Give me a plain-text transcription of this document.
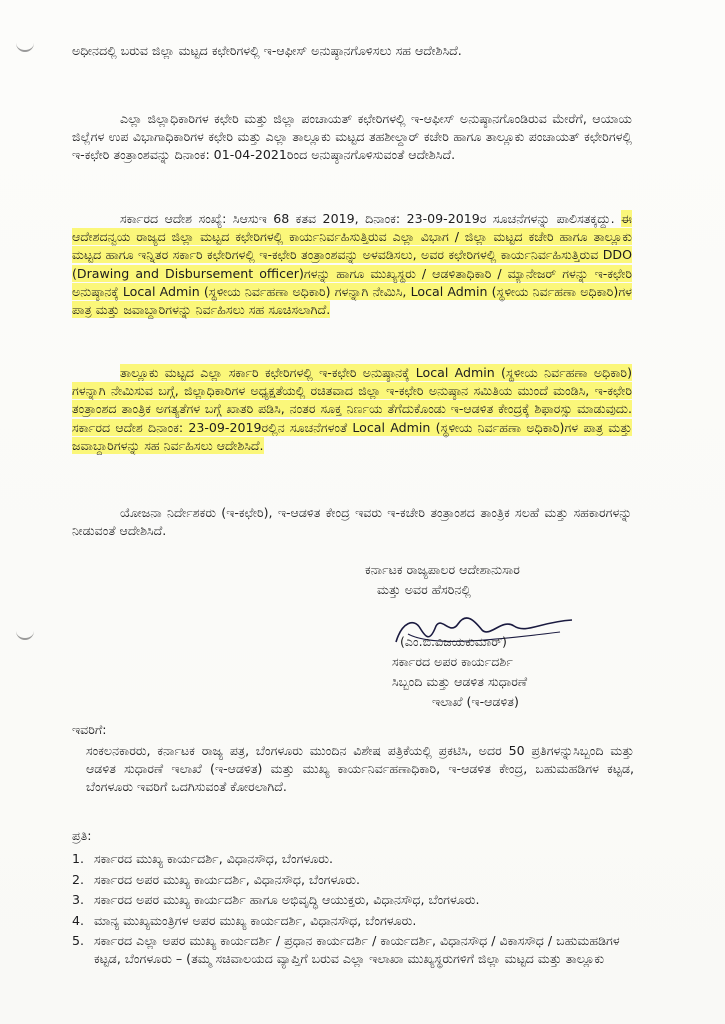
ಅಧೀನದಲ್ಲಿ ಬರುವ ಜಿಲ್ಲಾ ಮಟ್ಟದ ಕಛೇರಿಗಳಲ್ಲಿ ಇ-ಆಫೀಸ್ ಅನುಷ್ಠಾನಗೊಳಿಸಲು ಸಹ ಆದೇಶಿಸಿದೆ.

ಎಲ್ಲಾ ಜಿಲ್ಲಾಧಿಕಾರಿಗಳ ಕಛೇರಿ ಮತ್ತು ಜಿಲ್ಲಾ ಪಂಚಾಯತ್ ಕಛೇರಿಗಳಲ್ಲಿ ಇ-ಆಫೀಸ್ ಅನುಷ್ಠಾನಗೊಂಡಿರುವ ಮೇರೆಗೆ, ಆಯಾಯ ಜಿಲ್ಲೆಗಳ ಉಪ ವಿಭಾಗಾಧಿಕಾರಿಗಳ ಕಛೇರಿ ಮತ್ತು ಎಲ್ಲಾ ತಾಲ್ಲೂಕು ಮಟ್ಟದ ತಹಶೀಲ್ದಾರ್ ಕಚೇರಿ ಹಾಗೂ ತಾಲ್ಲೂಕು ಪಂಚಾಯತ್ ಕಛೇರಿಗಳಲ್ಲಿ ಇ-ಕಛೇರಿ ತಂತ್ರಾಂಶವನ್ನು ದಿನಾಂಕ: 01-04-2021ರಿಂದ ಅನುಷ್ಠಾನಗೊಳಿಸುವಂತೆ ಆದೇಶಿಸಿದೆ.

ಸರ್ಕಾರದ ಆದೇಶ ಸಂಖ್ಯೆ: ಸಿಆಸುಇ 68 ಕತವ 2019, ದಿನಾಂಕ: 23-09-2019ರ ಸೂಚನೆಗಳನ್ನು ಪಾಲಿಸತಕ್ಕದ್ದು. ಈ ಆದೇಶದನ್ವಯ ರಾಜ್ಯದ ಜಿಲ್ಲಾ ಮಟ್ಟದ ಕಛೇರಿಗಳಲ್ಲಿ ಕಾರ್ಯನಿರ್ವಹಿಸುತ್ತಿರುವ ಎಲ್ಲಾ ವಿಭಾಗ / ಜಿಲ್ಲಾ ಮಟ್ಟದ ಕಚೇರಿ ಹಾಗೂ ತಾಲ್ಲೂಕು ಮಟ್ಟದ ಹಾಗೂ ಇನ್ನಿತರ ಸರ್ಕಾರಿ ಕಛೇರಿಗಳಲ್ಲಿ ಇ-ಕಛೇರಿ ತಂತ್ರಾಂಶವನ್ನು ಅಳವಡಿಸಲು, ಅವರ ಕಛೇರಿಗಳಲ್ಲಿ ಕಾರ್ಯನಿರ್ವಹಿಸುತ್ತಿರುವ DDO (Drawing and Disbursement officer)ಗಳನ್ನು ಹಾಗೂ ಮುಖ್ಯಸ್ಥರು / ಆಡಳಿತಾಧಿಕಾರಿ / ಮ್ಯಾನೇಜರ್ ಗಳನ್ನು ಇ-ಕಛೇರಿ ಅನುಷ್ಠಾನಕ್ಕೆ Local Admin (ಸ್ಥಳೀಯ ನಿರ್ವಹಣಾ ಅಧಿಕಾರಿ) ಗಳನ್ನಾಗಿ ನೇಮಿಸಿ, Local Admin (ಸ್ಥಳೀಯ ನಿರ್ವಹಣಾ ಅಧಿಕಾರಿ)ಗಳ ಪಾತ್ರ ಮತ್ತು ಜವಾಬ್ದಾರಿಗಳನ್ನು ನಿರ್ವಹಿಸಲು ಸಹ ಸೂಚಿಸಲಾಗಿದೆ.

ತಾಲ್ಲೂಕು ಮಟ್ಟದ ಎಲ್ಲಾ ಸರ್ಕಾರಿ ಕಛೇರಿಗಳಲ್ಲಿ ಇ-ಕಛೇರಿ ಅನುಷ್ಠಾನಕ್ಕೆ Local Admin (ಸ್ಥಳೀಯ ನಿರ್ವಹಣಾ ಅಧಿಕಾರಿ) ಗಳನ್ನಾಗಿ ನೇಮಿಸುವ ಬಗ್ಗೆ, ಜಿಲ್ಲಾಧಿಕಾರಿಗಳ ಅಧ್ಯಕ್ಷತೆಯಲ್ಲಿ ರಚಿತವಾದ ಜಿಲ್ಲಾ ಇ-ಕಛೇರಿ ಅನುಷ್ಠಾನ ಸಮಿತಿಯ ಮುಂದೆ ಮಂಡಿಸಿ, ಇ-ಕಛೇರಿ ತಂತ್ರಾಂಶದ ತಾಂತ್ರಿಕ ಅಗತ್ಯತೆಗಳ ಬಗ್ಗೆ ಖಾತರಿ ಪಡಿಸಿ, ನಂತರ ಸೂಕ್ತ ನಿರ್ಣಯ ತೆಗೆದುಕೊಂಡು ಇ-ಆಡಳಿತ ಕೇಂದ್ರಕ್ಕೆ ಶಿಫಾರಸ್ಸು ಮಾಡುವುದು. ಸರ್ಕಾರದ ಆದೇಶ ದಿನಾಂಕ: 23-09-2019ರಲ್ಲಿನ ಸೂಚನೆಗಳಂತೆ Local Admin (ಸ್ಥಳೀಯ ನಿರ್ವಹಣಾ ಅಧಿಕಾರಿ)ಗಳ ಪಾತ್ರ ಮತ್ತು ಜವಾಬ್ದಾರಿಗಳನ್ನು ಸಹ ನಿರ್ವಹಿಸಲು ಆದೇಶಿಸಿದೆ.

ಯೋಜನಾ ನಿರ್ದೇಶಕರು (ಇ-ಕಛೇರಿ), ಇ-ಆಡಳಿತ ಕೇಂದ್ರ ಇವರು ಇ-ಕಚೇರಿ ತಂತ್ರಾಂಶದ ತಾಂತ್ರಿಕ ಸಲಹೆ ಮತ್ತು ಸಹಕಾರಗಳನ್ನು ನೀಡುವಂತೆ ಆದೇಶಿಸಿದೆ.

ಕರ್ನಾಟಕ ರಾಜ್ಯಪಾಲರ ಆದೇಶಾನುಸಾರ
ಮತ್ತು ಅವರ ಹೆಸರಿನಲ್ಲಿ
(ಎಂ.ಬಿ.ವಿಜಯಕುಮಾರ್)
ಸರ್ಕಾರದ ಅಪರ ಕಾರ್ಯದರ್ಶಿ
ಸಿಬ್ಬಂದಿ ಮತ್ತು ಆಡಳಿತ ಸುಧಾರಣೆ
ಇಲಾಖೆ (ಇ-ಆಡಳಿತ)
ಇವರಿಗೆ:

ಸಂಕಲನಕಾರರು, ಕರ್ನಾಟಕ ರಾಜ್ಯ ಪತ್ರ, ಬೆಂಗಳೂರು ಮುಂದಿನ ವಿಶೇಷ ಪತ್ರಿಕೆಯಲ್ಲಿ ಪ್ರಕಟಿಸಿ, ಅದರ 50 ಪ್ರತಿಗಳನ್ನುಸಿಬ್ಬಂದಿ ಮತ್ತು ಆಡಳಿತ ಸುಧಾರಣೆ ಇಲಾಖೆ (ಇ-ಆಡಳಿತ) ಮತ್ತು ಮುಖ್ಯ ಕಾರ್ಯನಿರ್ವಹಣಾಧಿಕಾರಿ, ಇ-ಆಡಳಿತ ಕೇಂದ್ರ, ಬಹುಮಹಡಿಗಳ ಕಟ್ಟಡ, ಬೆಂಗಳೂರು ಇವರಿಗೆ ಒದಗಿಸುವಂತೆ ಕೋರಲಾಗಿದೆ.

ಪ್ರತಿ:
1. ಸರ್ಕಾರದ ಮುಖ್ಯ ಕಾರ್ಯದರ್ಶಿ, ವಿಧಾನಸೌಧ, ಬೆಂಗಳೂರು.
2. ಸರ್ಕಾರದ ಅಪರ ಮುಖ್ಯ ಕಾರ್ಯದರ್ಶಿ, ವಿಧಾನಸೌಧ, ಬೆಂಗಳೂರು.
3. ಸರ್ಕಾರದ ಅಪರ ಮುಖ್ಯ ಕಾರ್ಯದರ್ಶಿ ಹಾಗೂ ಅಭಿವೃದ್ಧಿ ಆಯುಕ್ತರು, ವಿಧಾನಸೌಧ, ಬೆಂಗಳೂರು.
4. ಮಾನ್ಯ ಮುಖ್ಯಮಂತ್ರಿಗಳ ಅಪರ ಮುಖ್ಯ ಕಾರ್ಯದರ್ಶಿ, ವಿಧಾನಸೌಧ, ಬೆಂಗಳೂರು.
5. ಸರ್ಕಾರದ ಎಲ್ಲಾ ಅಪರ ಮುಖ್ಯ ಕಾರ್ಯದರ್ಶಿ / ಪ್ರಧಾನ ಕಾರ್ಯದರ್ಶಿ / ಕಾರ್ಯದರ್ಶಿ, ವಿಧಾನಸೌಧ / ವಿಕಾಸಸೌಧ / ಬಹುಮಹಡಿಗಳ ಕಟ್ಟಡ, ಬೆಂಗಳೂರು – (ತಮ್ಮ ಸಚಿವಾಲಯದ ವ್ಯಾಪ್ತಿಗೆ ಬರುವ ಎಲ್ಲಾ ಇಲಾಖಾ ಮುಖ್ಯಸ್ಥರುಗಳಿಗೆ ಜಿಲ್ಲಾ ಮಟ್ಟದ ಮತ್ತು ತಾಲ್ಲೂಕು
